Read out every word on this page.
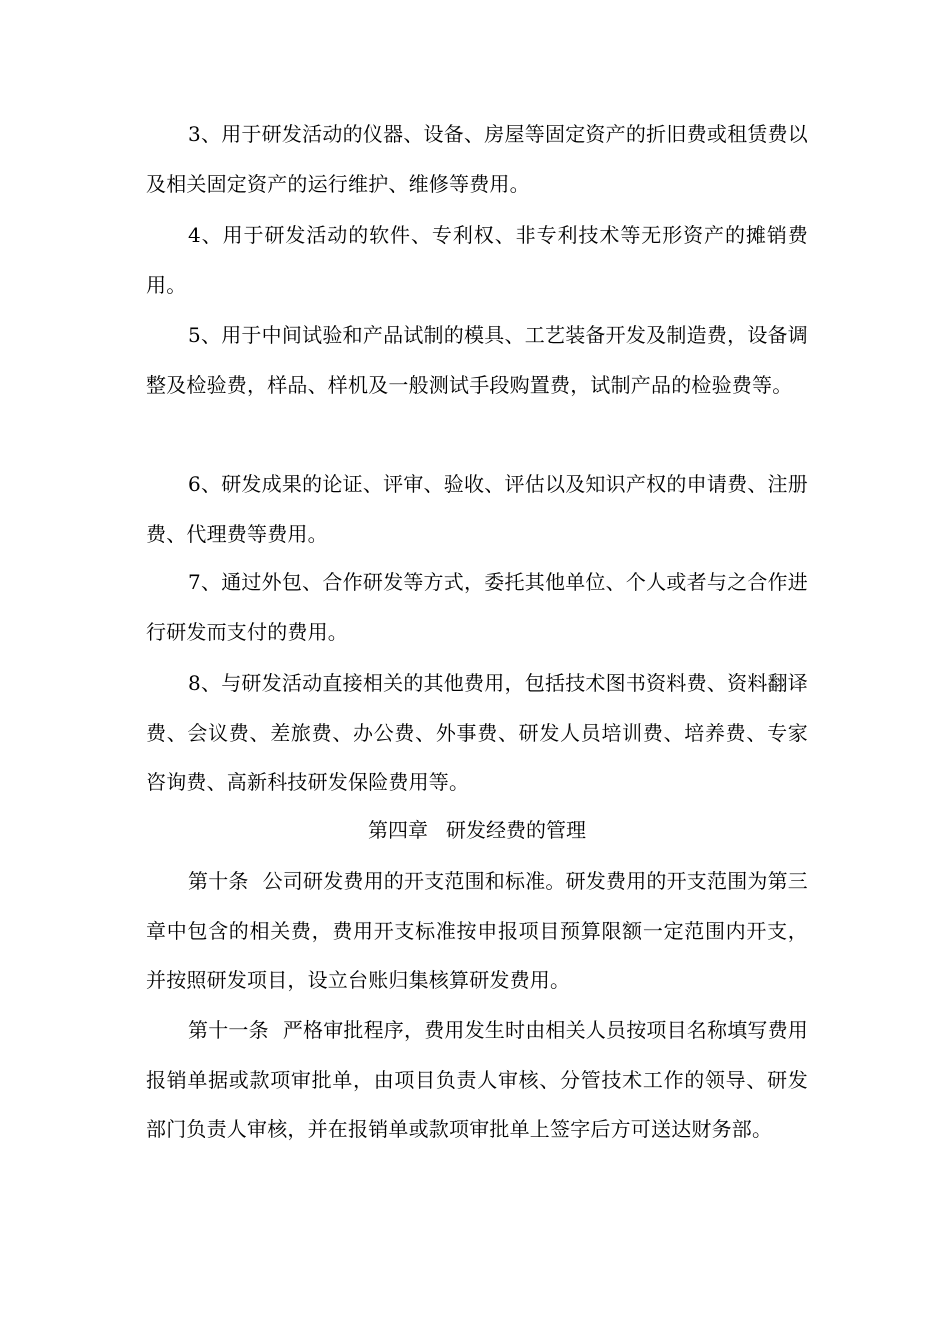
3、用于研发活动的仪器、设备、房屋等固定资产的折旧费或租赁费以及相关固定资产的运行维护、维修等费用。

4、用于研发活动的软件、专利权、非专利技术等无形资产的摊销费用。

5、用于中间试验和产品试制的模具、工艺装备开发及制造费，设备调整及检验费，样品、样机及一般测试手段购置费，试制产品的检验费等。

6、研发成果的论证、评审、验收、评估以及知识产权的申请费、注册费、代理费等费用。

7、通过外包、合作研发等方式，委托其他单位、个人或者与之合作进行研发而支付的费用。

8、与研发活动直接相关的其他费用，包括技术图书资料费、资料翻译费、会议费、差旅费、办公费、外事费、研发人员培训费、培养费、专家咨询费、高新科技研发保险费用等。

第四章 研发经费的管理

第十条 公司研发费用的开支范围和标准。研发费用的开支范围为第三章中包含的相关费，费用开支标准按申报项目预算限额一定范围内开支，并按照研发项目，设立台账归集核算研发费用。

第十一条 严格审批程序，费用发生时由相关人员按项目名称填写费用报销单据或款项审批单，由项目负责人审核、分管技术工作的领导、研发部门负责人审核，并在报销单或款项审批单上签字后方可送达财务部。
